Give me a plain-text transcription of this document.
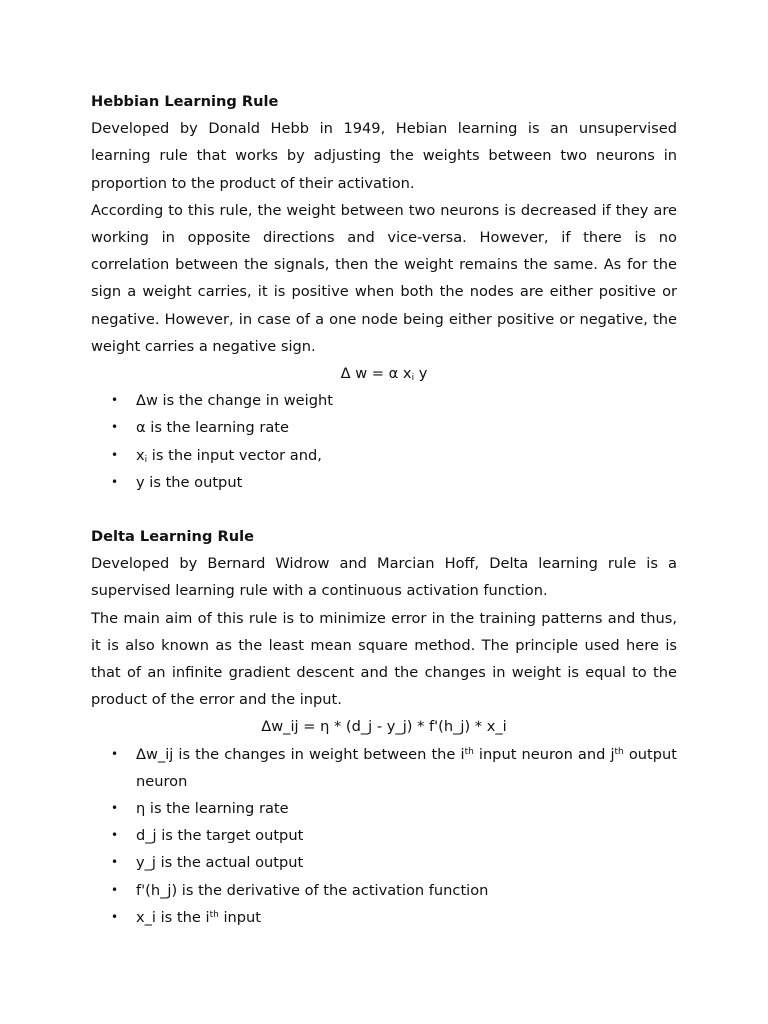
Hebbian Learning Rule

Developed by Donald Hebb in 1949, Hebian learning is an unsupervised learning rule that works by adjusting the weights between two neurons in proportion to the product of their activation.

According to this rule, the weight between two neurons is decreased if they are working in opposite directions and vice-versa. However, if there is no correlation between the signals, then the weight remains the same. As for the sign a weight carries, it is positive when both the nodes are either positive or negative. However, in case of a one node being either positive or negative, the weight carries a negative sign.

Δ w = α $x_i$ y

• Δw is the change in weight
• α is the learning rate
• $x_i$ is the input vector and,
• y is the output

Delta Learning Rule

Developed by Bernard Widrow and Marcian Hoff, Delta learning rule is a supervised learning rule with a continuous activation function.

The main aim of this rule is to minimize error in the training patterns and thus, it is also known as the least mean square method. The principle used here is that of an infinite gradient descent and the changes in weight is equal to the product of the error and the input.

Δw_ij = η * (d_j - y_j) * f'(h_j) * x_i

• Δw_ij is the changes in weight between the $i^{th}$ input neuron and $j^{th}$ output neuron
• η is the learning rate
• d_j is the target output
• y_j is the actual output
• f'(h_j) is the derivative of the activation function
• x_i is the $i^{th}$ input
